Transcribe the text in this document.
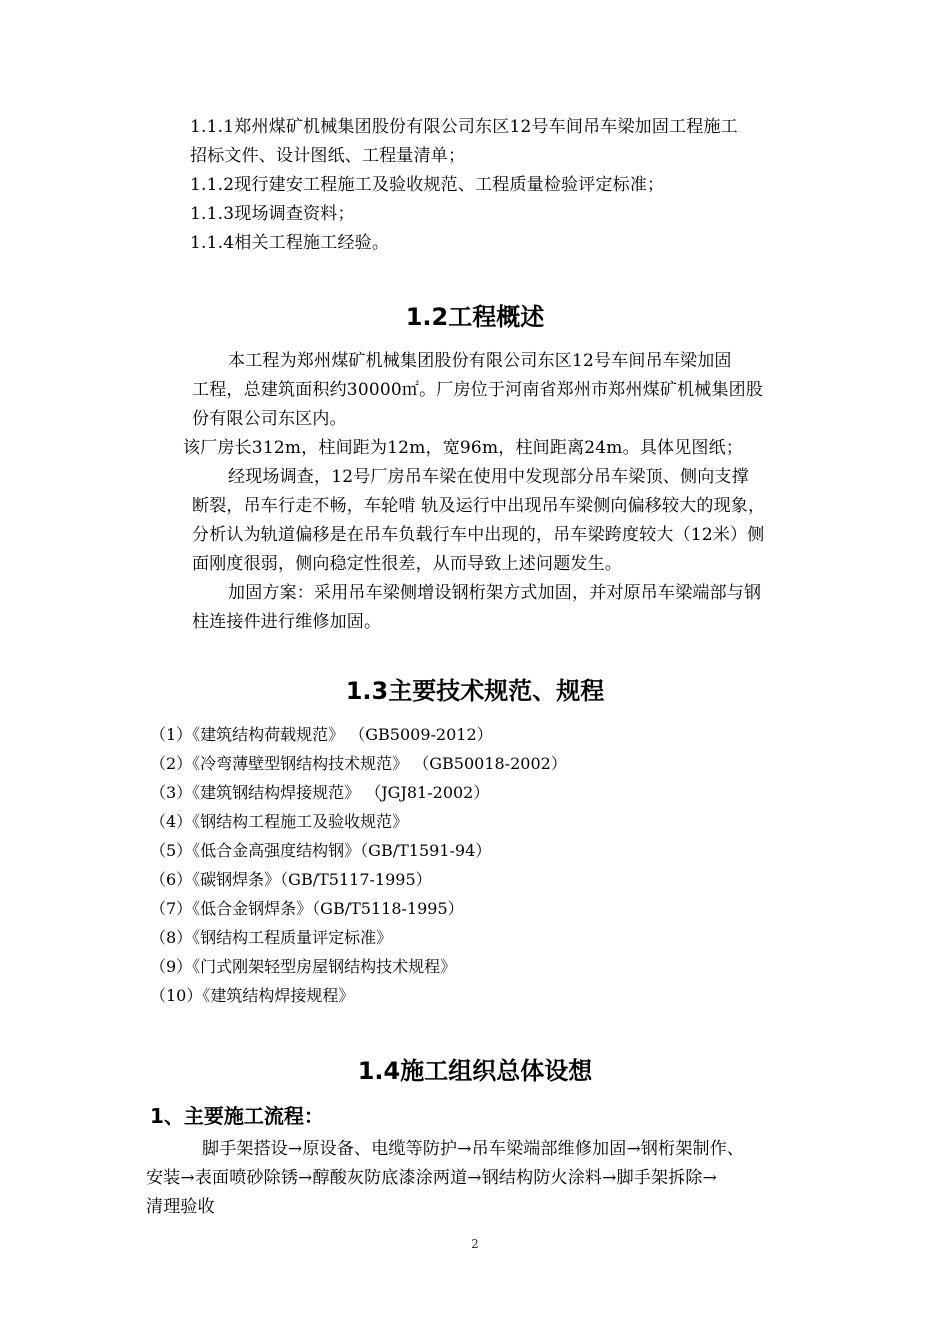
1.1.1郑州煤矿机械集团股份有限公司东区12号车间吊车梁加固工程施工
招标文件、设计图纸、工程量清单；
1.1.2现行建安工程施工及验收规范、工程质量检验评定标准；
1.1.3现场调查资料；
1.1.4相关工程施工经验。
1.2工程概述
本工程为郑州煤矿机械集团股份有限公司东区12号车间吊车梁加固
工程，总建筑面积约30000㎡。厂房位于河南省郑州市郑州煤矿机械集团股
份有限公司东区内。
该厂房长312m，柱间距为12m，宽96m，柱间距离24m。具体见图纸；
经现场调查，12号厂房吊车梁在使用中发现部分吊车梁顶、侧向支撑
断裂，吊车行走不畅，车轮啃 轨及运行中出现吊车梁侧向偏移较大的现象，
分析认为轨道偏移是在吊车负载行车中出现的，吊车梁跨度较大（12米）侧
面刚度很弱，侧向稳定性很差，从而导致上述问题发生。
加固方案：采用吊车梁侧增设钢桁架方式加固，并对原吊车梁端部与钢
柱连接件进行维修加固。
1.3主要技术规范、规程
（1）《建筑结构荷载规范》 （GB5009-2012）
（2）《冷弯薄壁型钢结构技术规范》 （GB50018-2002）
（3）《建筑钢结构焊接规范》 （JGJ81-2002）
（4）《钢结构工程施工及验收规范》
（5）《低合金高强度结构钢》（GB/T1591-94）
（6）《碳钢焊条》（GB/T5117-1995）
（7）《低合金钢焊条》（GB/T5118-1995）
（8）《钢结构工程质量评定标准》
（9）《门式刚架轻型房屋钢结构技术规程》
（10）《建筑结构焊接规程》
1.4施工组织总体设想
1、主要施工流程：
脚手架搭设→原设备、电缆等防护→吊车梁端部维修加固→钢桁架制作、
安装→表面喷砂除锈→醇酸灰防底漆涂两道→钢结构防火涂料→脚手架拆除→
清理验收
2
